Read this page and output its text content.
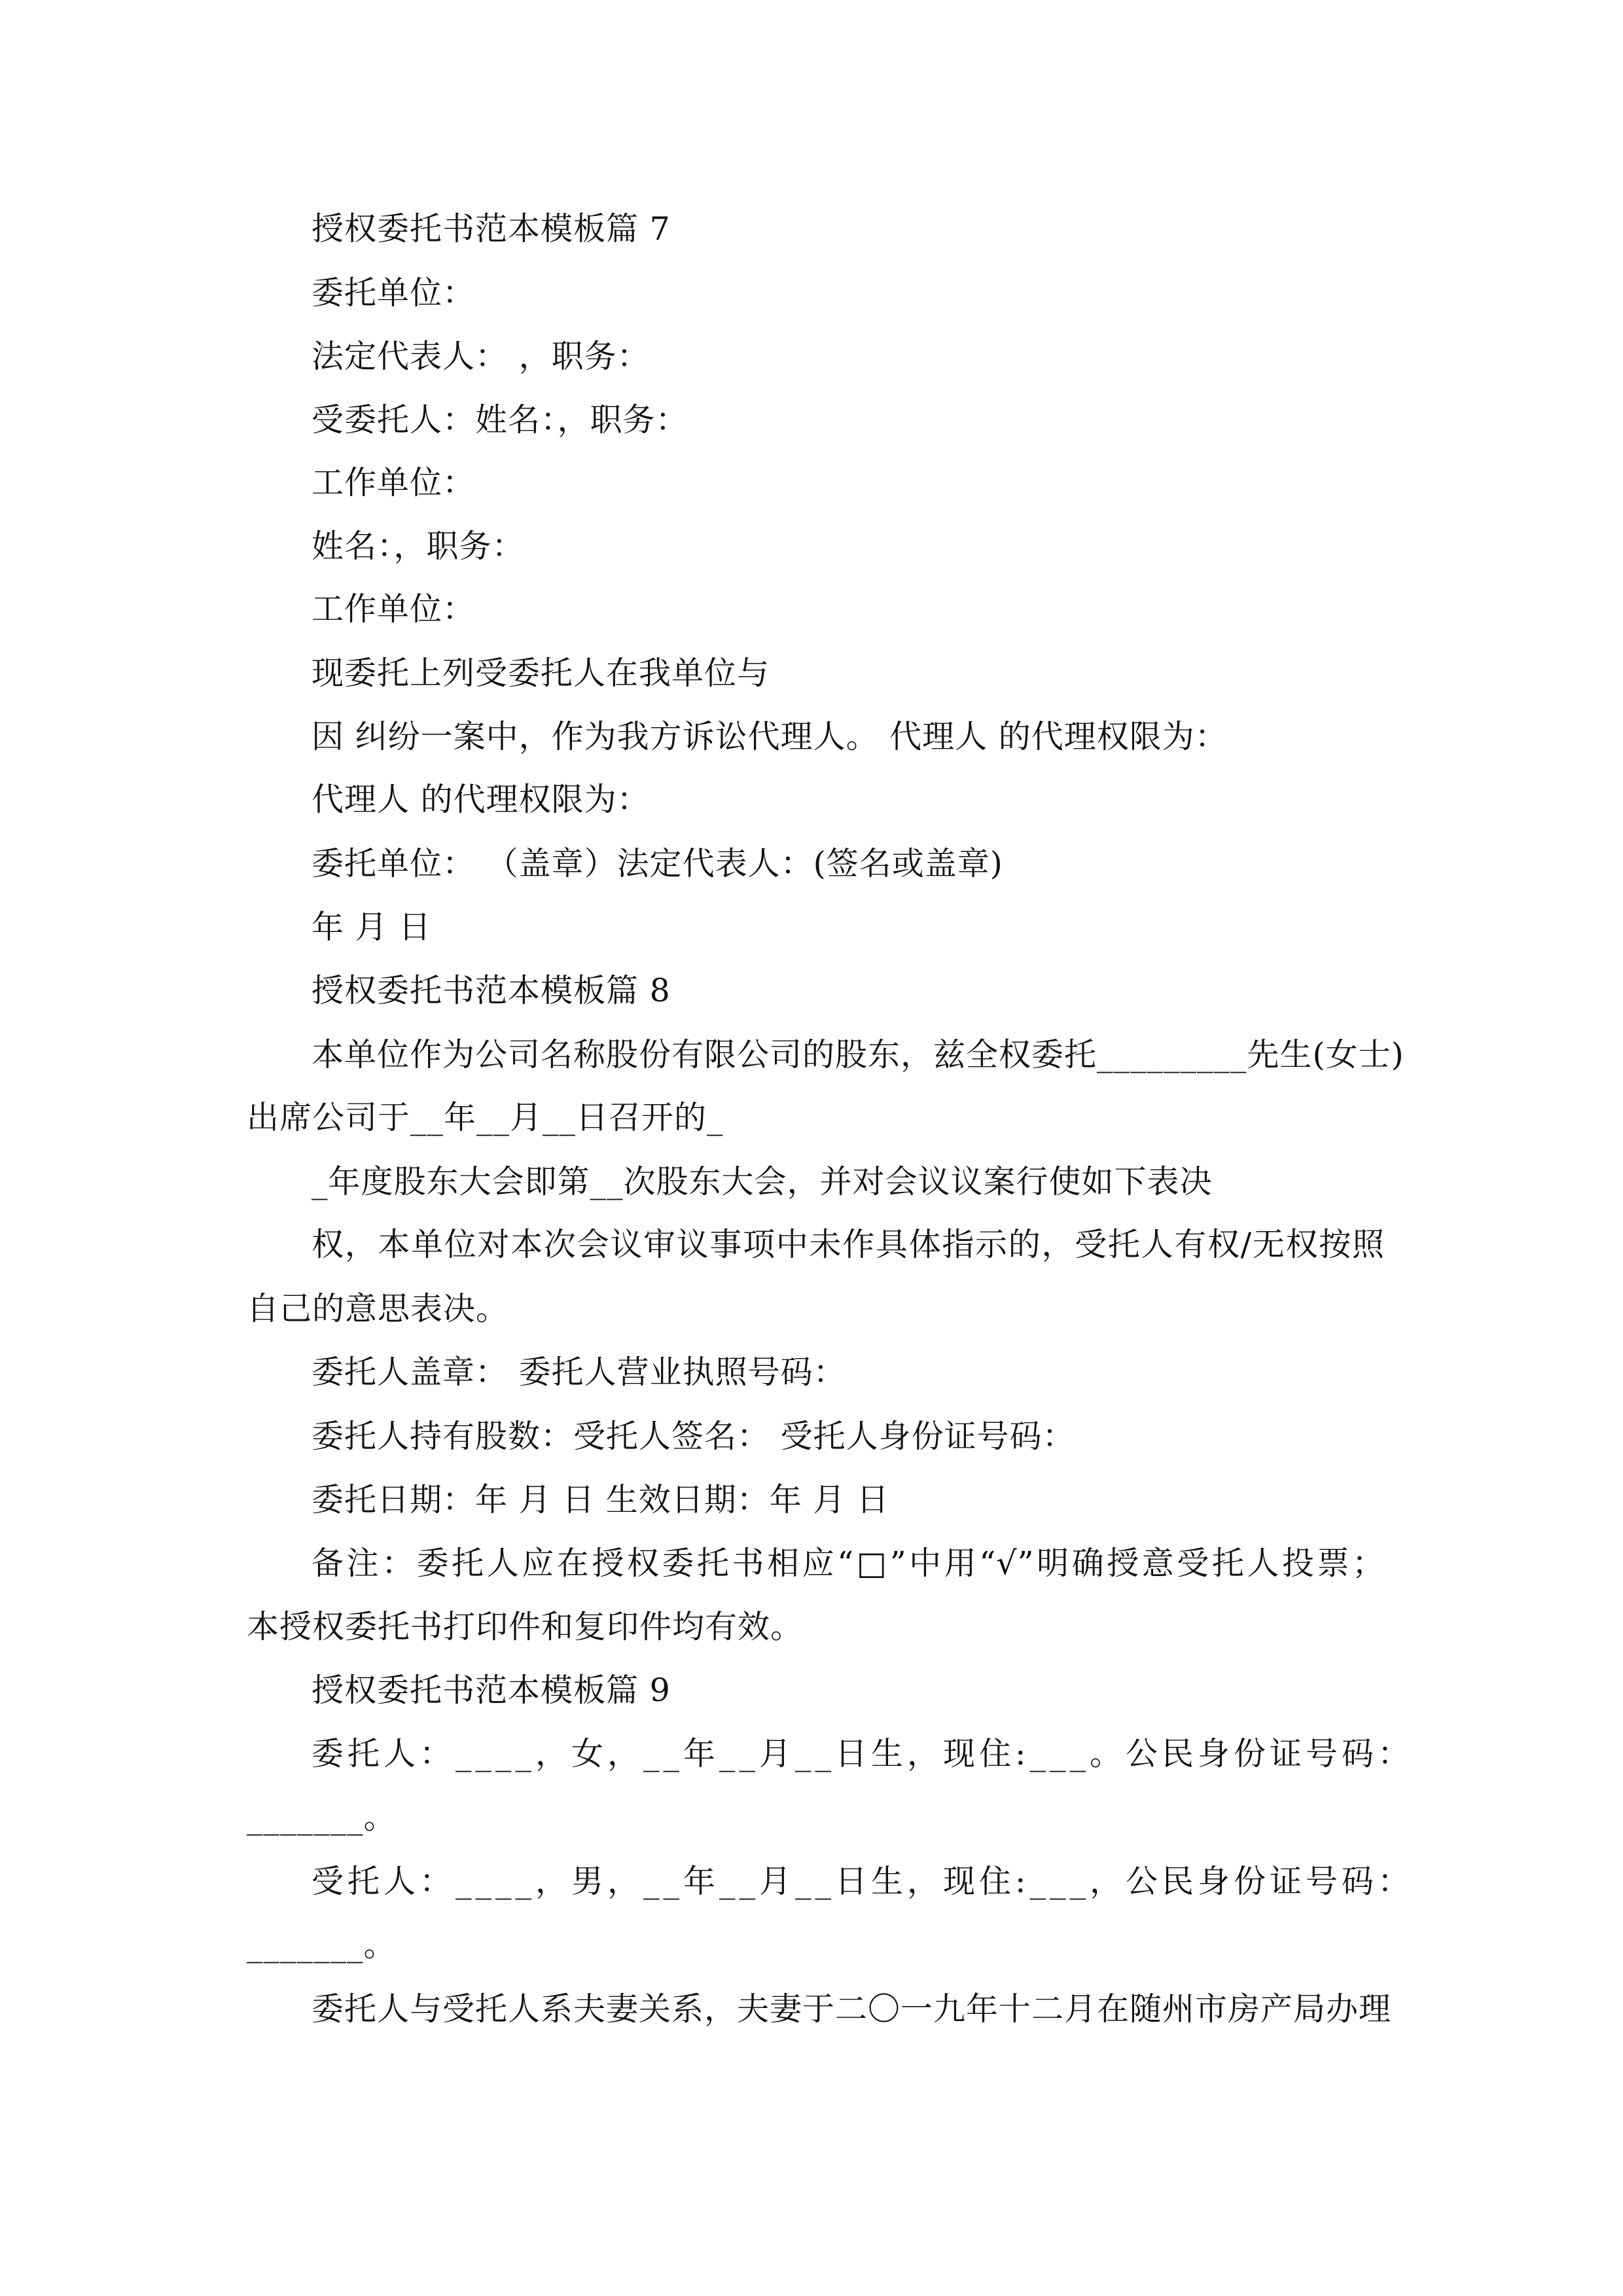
授权委托书范本模板篇 7
委托单位：
法定代表人： ，职务：
受委托人：姓名：，职务：
工作单位：
姓名：，职务：
工作单位：
现委托上列受委托人在我单位与
因 纠纷一案中，作为我方诉讼代理人。 代理人 的代理权限为：
代理人 的代理权限为：
委托单位： （盖章）法定代表人：(签名或盖章)
年 月 日
授权委托书范本模板篇 8
本单位作为公司名称股份有限公司的股东，兹全权委托_________先生(女士)
出席公司于__年__月__日召开的_
_年度股东大会即第__次股东大会，并对会议议案行使如下表决
权，本单位对本次会议审议事项中未作具体指示的，受托人有权/无权按照
自己的意思表决。
委托人盖章： 委托人营业执照号码：
委托人持有股数：受托人签名： 受托人身份证号码：
委托日期：年 月 日 生效日期：年 月 日
备注：委托人应在授权委托书相应“□”中用“√”明确授意受托人投票；
本授权委托书打印件和复印件均有效。
授权委托书范本模板篇 9
委托人：____，女，__年__月__日生，现住:___。公民身份证号码：
_______。
受托人：____，男，__年__月__日生，现住:___，公民身份证号码：
_______。
委托人与受托人系夫妻关系，夫妻于二〇一九年十二月在随州市房产局办理
